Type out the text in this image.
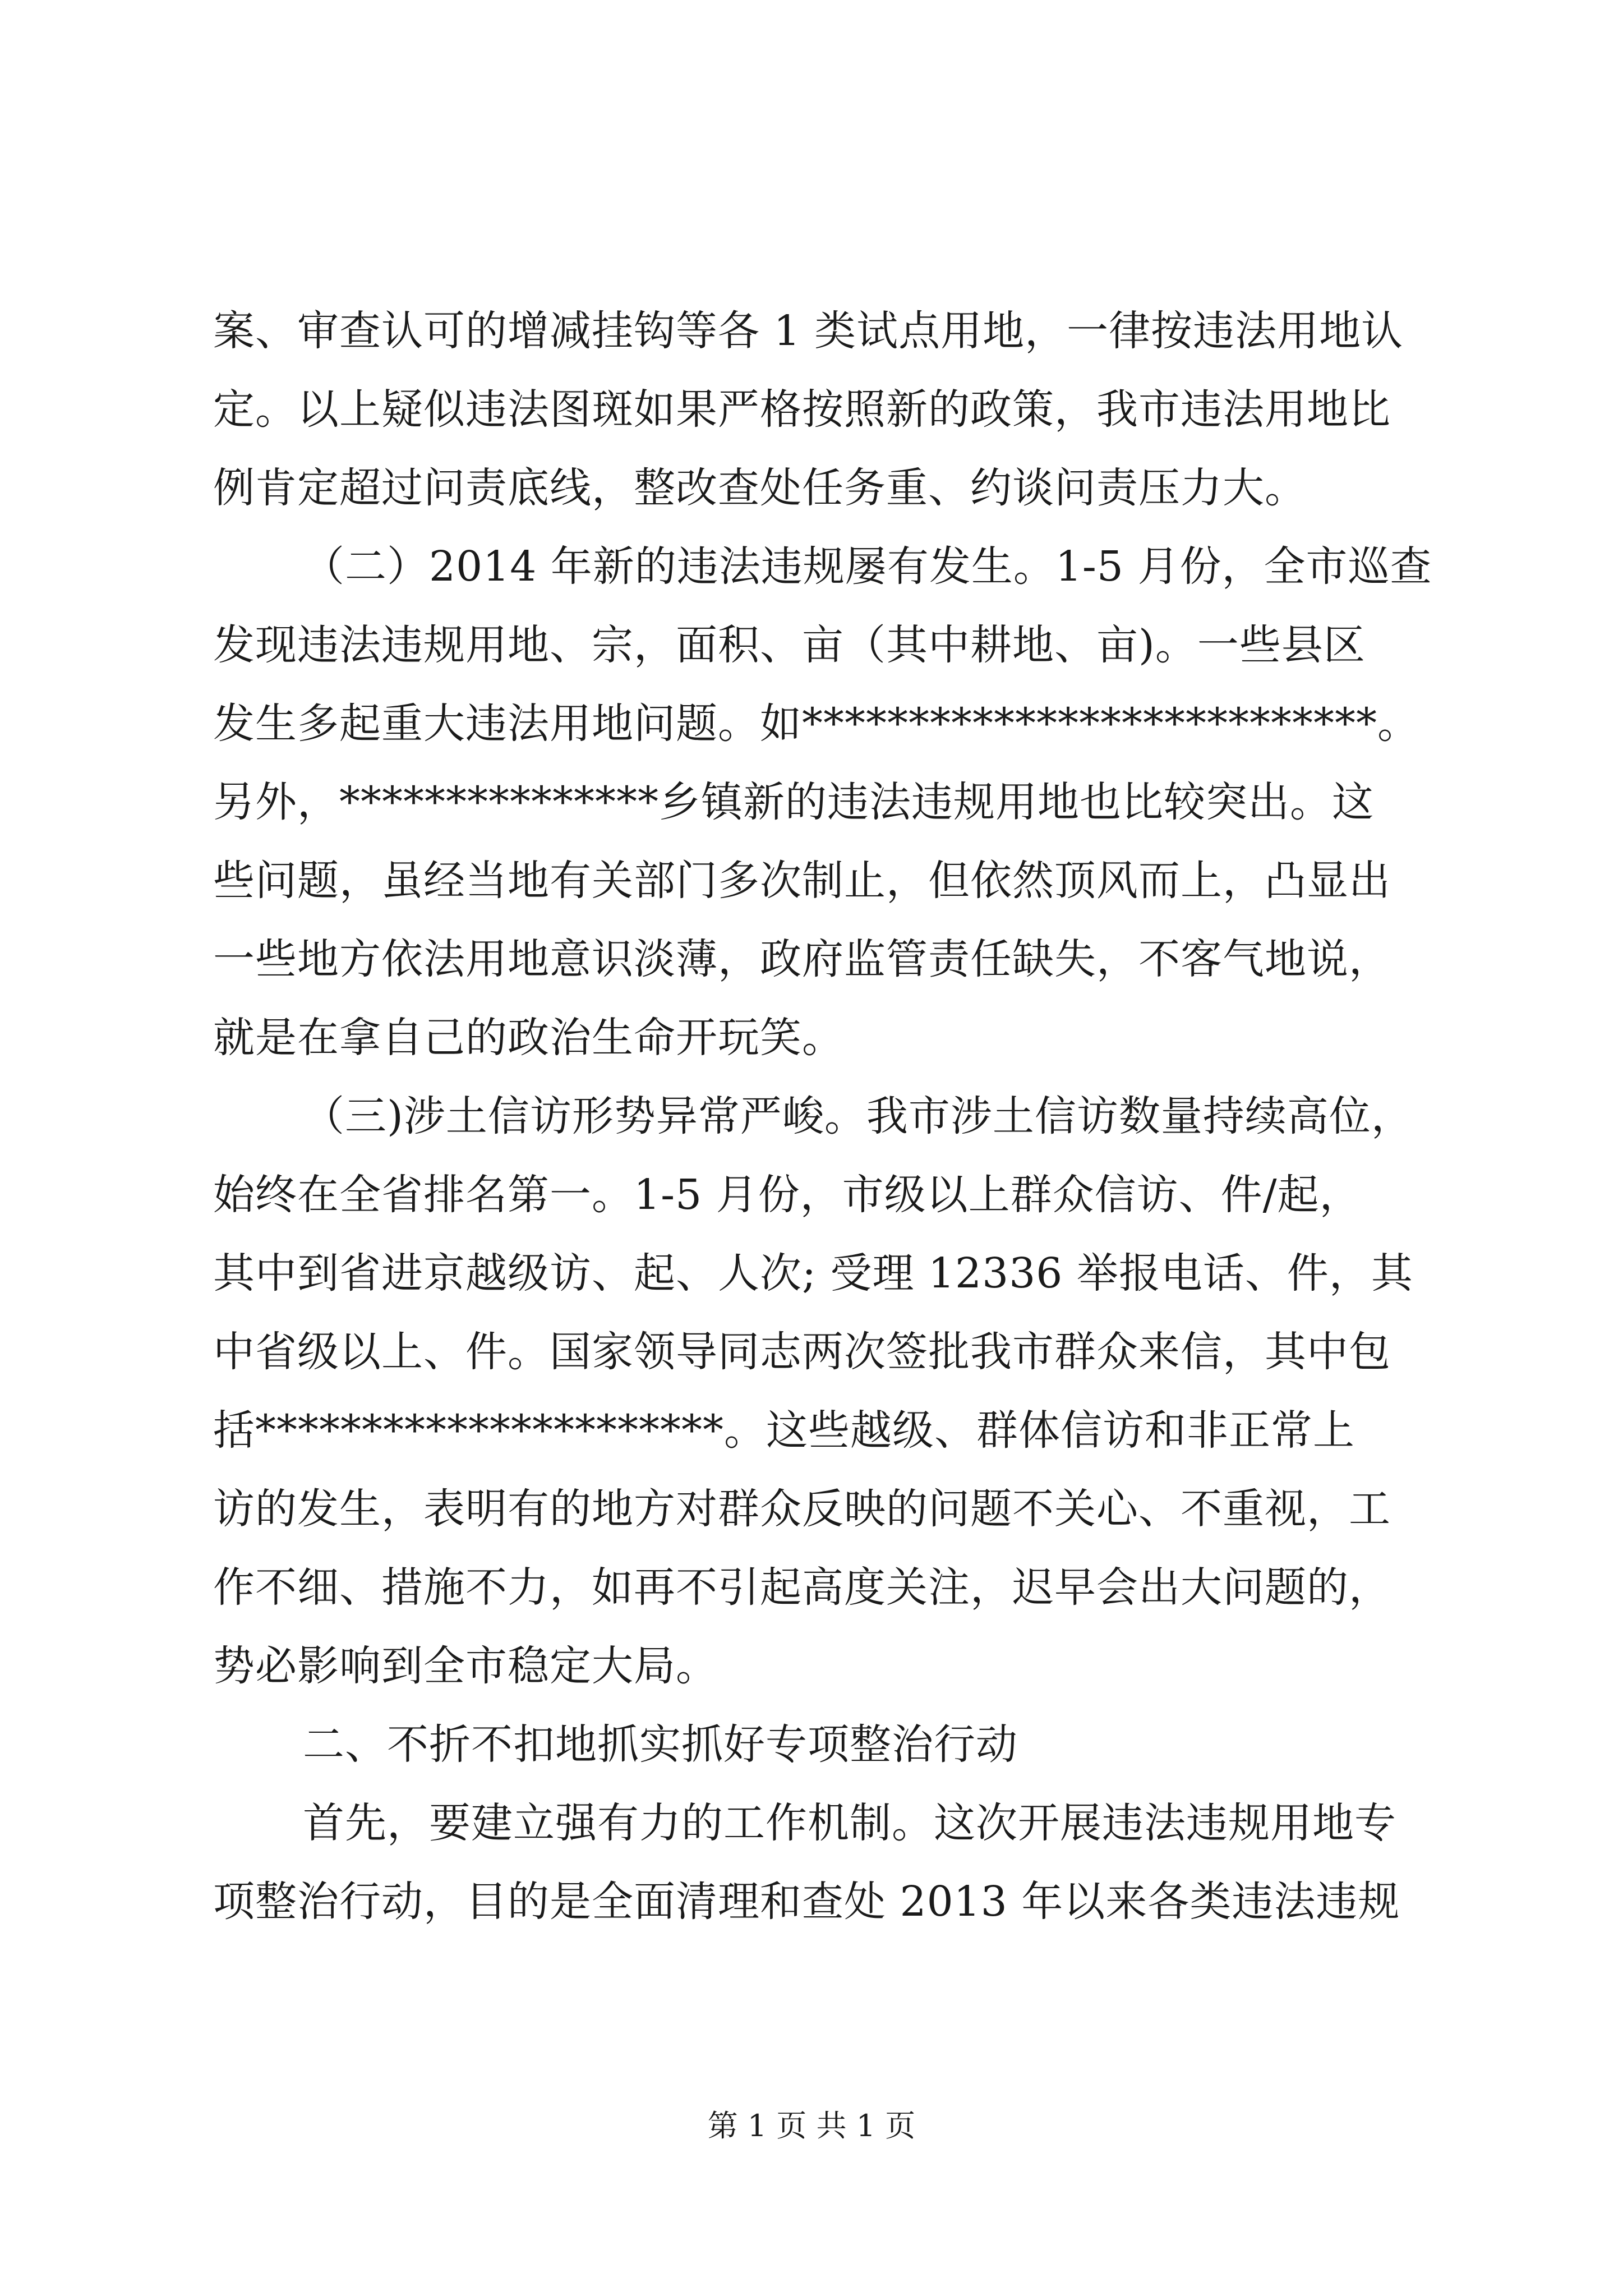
案、审查认可的增减挂钩等各 1 类试点用地，一律按违法用地认
定。以上疑似违法图斑如果严格按照新的政策，我市违法用地比
例肯定超过问责底线，整改查处任务重、约谈问责压力大。
（二）2014 年新的违法违规屡有发生。1-5 月份，全市巡查
发现违法违规用地、宗，面积、亩（其中耕地、亩)。一些县区
发生多起重大违法用地问题。如***************************。
另外，***************乡镇新的违法违规用地也比较突出。这
些问题，虽经当地有关部门多次制止，但依然顶风而上，凸显出
一些地方依法用地意识淡薄，政府监管责任缺失，不客气地说，
就是在拿自己的政治生命开玩笑。
（三)涉土信访形势异常严峻。我市涉土信访数量持续高位，
始终在全省排名第一。1-5 月份，市级以上群众信访、件/起，
其中到省进京越级访、起、人次; 受理 12336 举报电话、件，其
中省级以上、件。国家领导同志两次签批我市群众来信，其中包
括**********************。这些越级、群体信访和非正常上
访的发生，表明有的地方对群众反映的问题不关心、不重视，工
作不细、措施不力，如再不引起高度关注，迟早会出大问题的，
势必影响到全市稳定大局。
二、不折不扣地抓实抓好专项整治行动
首先，要建立强有力的工作机制。这次开展违法违规用地专
项整治行动，目的是全面清理和查处 2013 年以来各类违法违规
第 1 页 共 1 页
